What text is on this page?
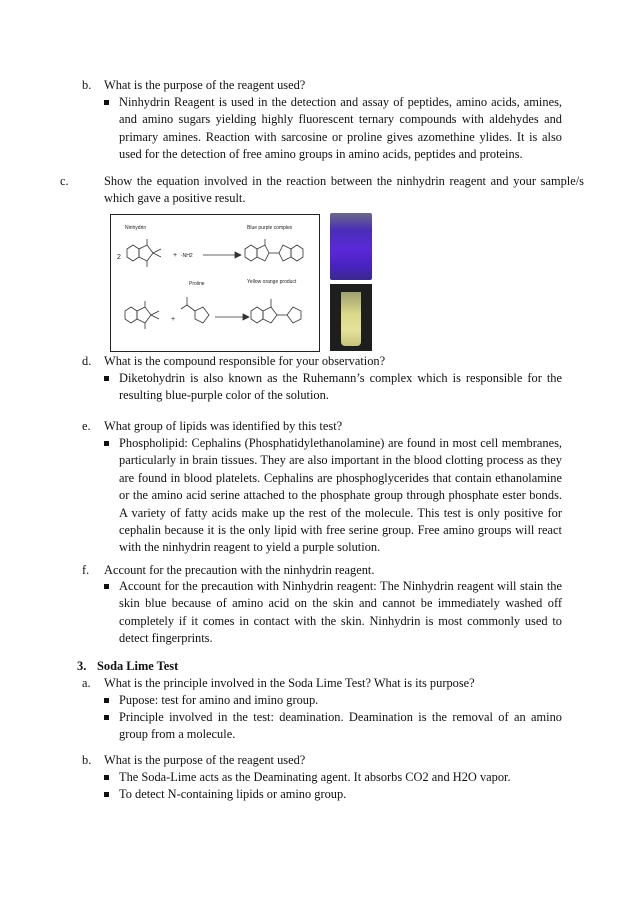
b. What is the purpose of the reagent used?
Ninhydrin Reagent is used in the detection and assay of peptides, amino acids, amines, and amino sugars yielding highly fluorescent ternary compounds with aldehydes and primary amines. Reaction with sarcosine or proline gives azomethine ylides. It is also used for the detection of free amino groups in amino acids, peptides and proteins.
c.	Show the equation involved in the reaction between the ninhydrin reagent and your sample/s which gave a positive result.
Ninhydrin	Blue purple complex
2	+ -NH2
Proline	Yellow orange product
+
d. What is the compound responsible for your observation?
Diketohydrin is also known as the Ruhemann’s complex which is responsible for the resulting blue-purple color of the solution.
e. What group of lipids was identified by this test?
Phospholipid: Cephalins (Phosphatidylethanolamine) are found in most cell membranes, particularly in brain tissues. They are also important in the blood clotting process as they are found in blood platelets. Cephalins are phosphoglycerides that contain ethanolamine or the amino acid serine attached to the phosphate group through phosphate ester bonds. A variety of fatty acids make up the rest of the molecule. This test is only positive for cephalin because it is the only lipid with free serine group. Free amino groups will react with the ninhydrin reagent to yield a purple solution.
f. Account for the precaution with the ninhydrin reagent.
Account for the precaution with Ninhydrin reagent: The Ninhydrin reagent will stain the skin blue because of amino acid on the skin and cannot be immediately washed off completely if it comes in contact with the skin. Ninhydrin is most commonly used to detect fingerprints.
3. Soda Lime Test
a. What is the principle involved in the Soda Lime Test? What is its purpose?
Pupose: test for amino and imino group.
Principle involved in the test: deamination. Deamination is the removal of an amino group from a molecule.
b. What is the purpose of the reagent used?
The Soda-Lime acts as the Deaminating agent. It absorbs CO2 and H2O vapor.
To detect N-containing lipids or amino group.
